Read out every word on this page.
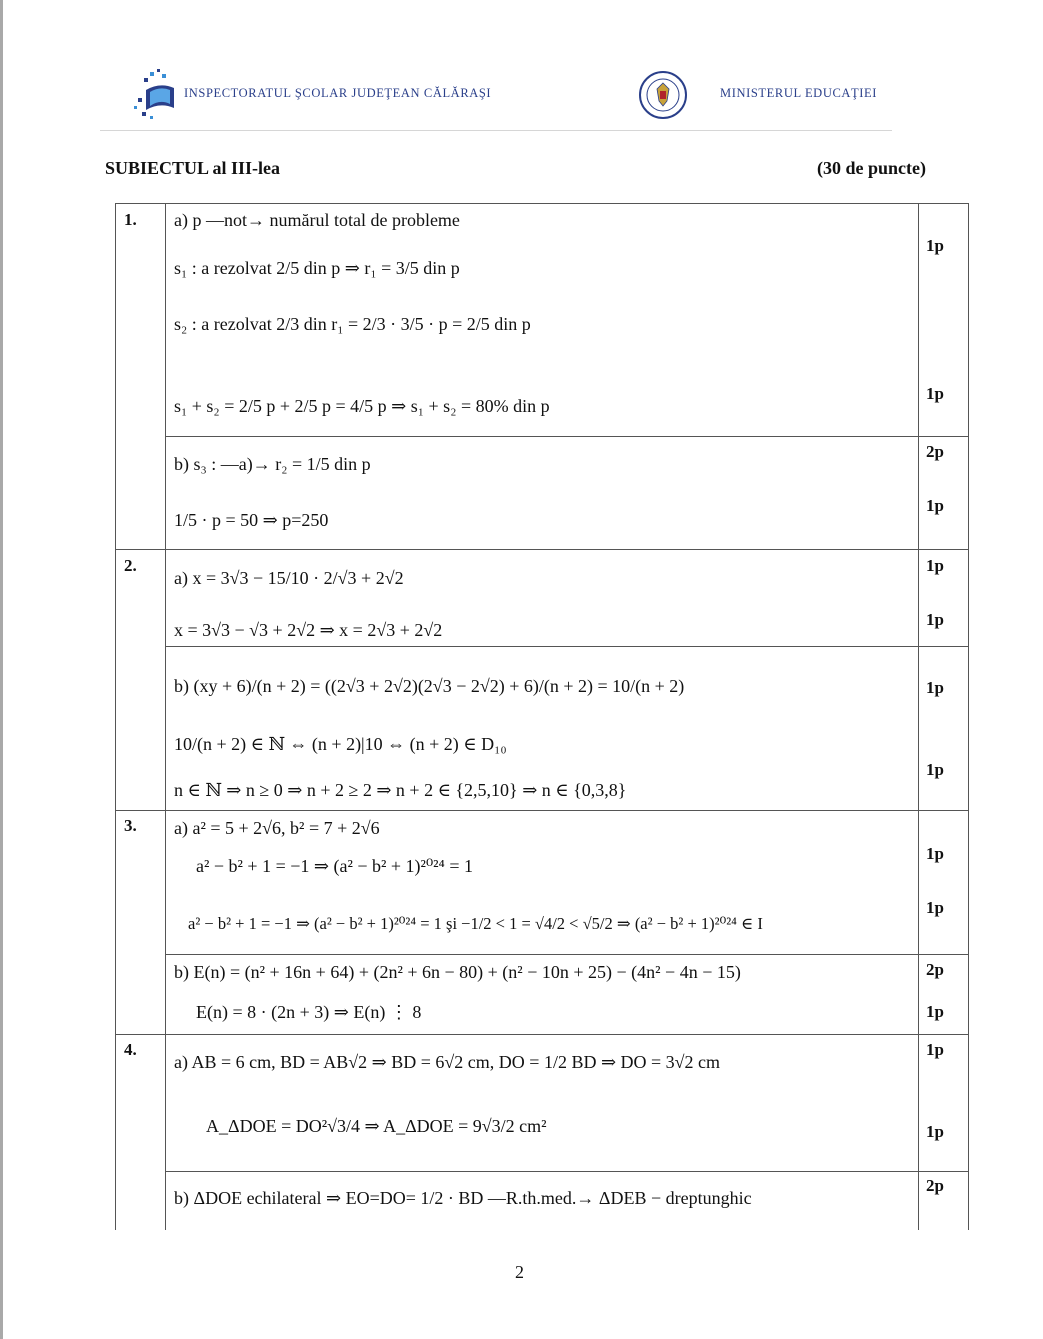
INSPECTORATUL ŞCOLAR JUDEŢEAN CĂLĂRAŞI	MINISTERUL EDUCAŢIEI
SUBIECTUL al III-lea	(30 de puncte)
1. a) p —not→ numărul total de probleme
s₁ : a rezolvat 2/5 din p ⇒ r₁ = 3/5 din p
s₂ : a rezolvat 2/3 din r₁ = 2/3 · 3/5 · p = 2/5 din p
s₁ + s₂ = 2/5 p + 2/5 p = 4/5 p ⇒ s₁ + s₂ = 80% din p
1p
1p
b) s₃ : —a)→ r₂ = 1/5 din p
1/5 · p = 50 ⇒ p=250
2p
1p
2.
a) x = 3√3 − 15/10 · 2/√3 + 2√2
x = 3√3 − √3 + 2√2 ⇒ x = 2√3 + 2√2
1p
1p
b) (xy + 6)/(n + 2) = ((2√3 + 2√2)(2√3 − 2√2) + 6)/(n + 2) = 10/(n + 2)
10/(n + 2) ∈ ℕ ⇔ (n + 2)|10 ⇔ (n + 2) ∈ D₁₀
n ∈ ℕ ⇒ n ≥ 0 ⇒ n + 2 ≥ 2 ⇒ n + 2 ∈ {2,5,10} ⇒ n ∈ {0,3,8}
1p
1p
3. a) a² = 5 + 2√6, b² = 7 + 2√6
a² − b² + 1 = −1 ⇒ (a² − b² + 1)²⁰²⁴ = 1
a² − b² + 1 = −1 ⇒ (a² − b² + 1)²⁰²⁴ = 1 şi −1/2 < 1 = √4/2 < √5/2 ⇒ (a² − b² + 1)²⁰²⁴ ∈ I
1p
1p
b) E(n) = (n² + 16n + 64) + (2n² + 6n − 80) + (n² − 10n + 25) − (4n² − 4n − 15)
E(n) = 8 · (2n + 3) ⇒ E(n) ⋮ 8
2p
1p
4.
a) AB = 6 cm, BD = AB√2 ⇒ BD = 6√2 cm, DO = 1/2 BD ⇒ DO = 3√2 cm
A_ΔDOE = DO²√3/4 ⇒ A_ΔDOE = 9√3/2 cm²
1p
1p
b) ΔDOE echilateral ⇒ EO=DO= 1/2 · BD —R.th.med.→ ΔDEB − dreptunghic
2p
2
